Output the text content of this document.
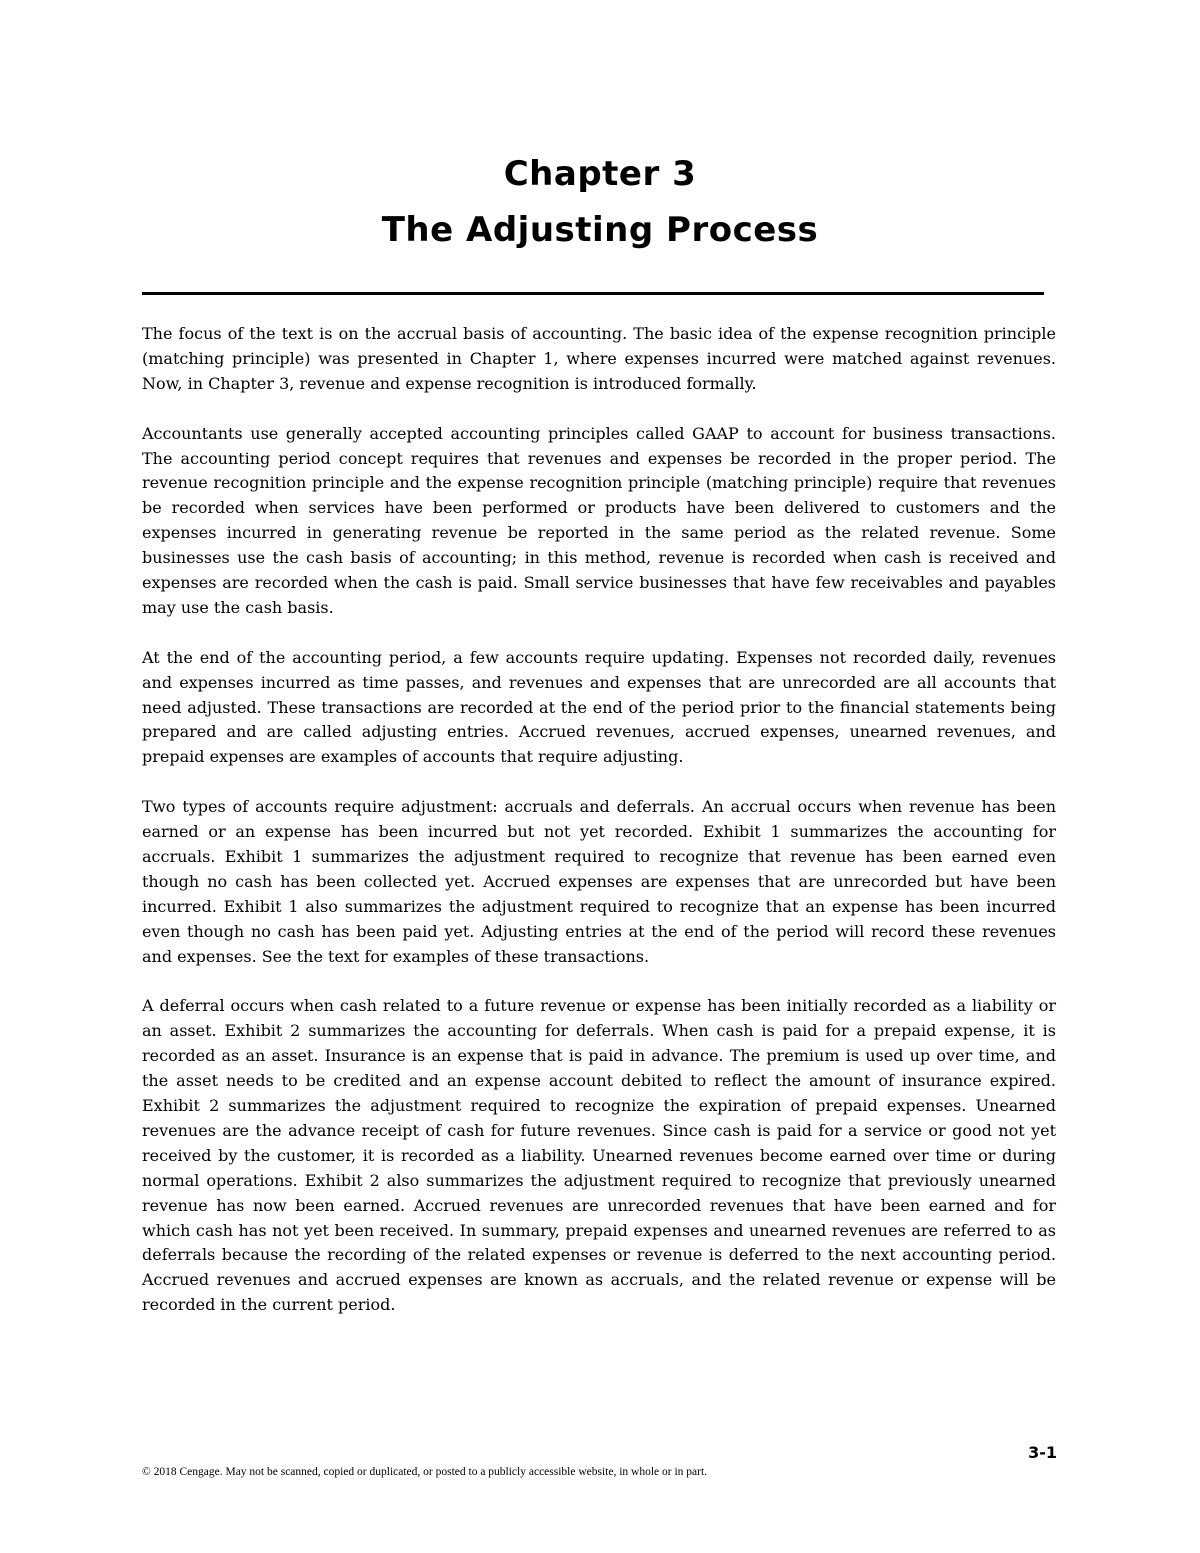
Chapter 3
The Adjusting Process

The focus of the text is on the accrual basis of accounting. The basic idea of the expense recognition principle (matching principle) was presented in Chapter 1, where expenses incurred were matched against revenues. Now, in Chapter 3, revenue and expense recognition is introduced formally.

Accountants use generally accepted accounting principles called GAAP to account for business transactions. The accounting period concept requires that revenues and expenses be recorded in the proper period. The revenue recognition principle and the expense recognition principle (matching principle) require that revenues be recorded when services have been performed or products have been delivered to customers and the expenses incurred in generating revenue be reported in the same period as the related revenue. Some businesses use the cash basis of accounting; in this method, revenue is recorded when cash is received and expenses are recorded when the cash is paid. Small service businesses that have few receivables and payables may use the cash basis.

At the end of the accounting period, a few accounts require updating. Expenses not recorded daily, revenues and expenses incurred as time passes, and revenues and expenses that are unrecorded are all accounts that need adjusted. These transactions are recorded at the end of the period prior to the financial statements being prepared and are called adjusting entries. Accrued revenues, accrued expenses, unearned revenues, and prepaid expenses are examples of accounts that require adjusting.

Two types of accounts require adjustment: accruals and deferrals. An accrual occurs when revenue has been earned or an expense has been incurred but not yet recorded. Exhibit 1 summarizes the accounting for accruals. Exhibit 1 summarizes the adjustment required to recognize that revenue has been earned even though no cash has been collected yet. Accrued expenses are expenses that are unrecorded but have been incurred. Exhibit 1 also summarizes the adjustment required to recognize that an expense has been incurred even though no cash has been paid yet. Adjusting entries at the end of the period will record these revenues and expenses. See the text for examples of these transactions.

A deferral occurs when cash related to a future revenue or expense has been initially recorded as a liability or an asset. Exhibit 2 summarizes the accounting for deferrals. When cash is paid for a prepaid expense, it is recorded as an asset. Insurance is an expense that is paid in advance. The premium is used up over time, and the asset needs to be credited and an expense account debited to reflect the amount of insurance expired. Exhibit 2 summarizes the adjustment required to recognize the expiration of prepaid expenses. Unearned revenues are the advance receipt of cash for future revenues. Since cash is paid for a service or good not yet received by the customer, it is recorded as a liability. Unearned revenues become earned over time or during normal operations. Exhibit 2 also summarizes the adjustment required to recognize that previously unearned revenue has now been earned. Accrued revenues are unrecorded revenues that have been earned and for which cash has not yet been received. In summary, prepaid expenses and unearned revenues are referred to as deferrals because the recording of the related expenses or revenue is deferred to the next accounting period. Accrued revenues and accrued expenses are known as accruals, and the related revenue or expense will be recorded in the current period.

3-1
© 2018 Cengage. May not be scanned, copied or duplicated, or posted to a publicly accessible website, in whole or in part.
